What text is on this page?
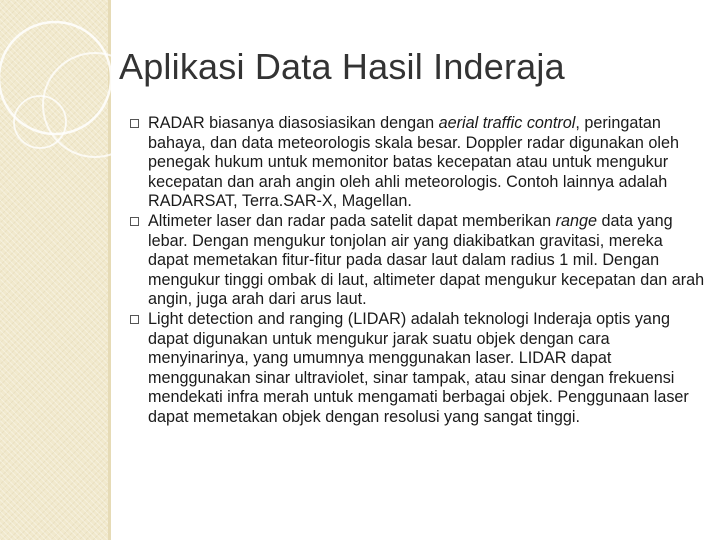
Aplikasi Data Hasil Inderaja
RADAR biasanya diasosiasikan dengan aerial traffic control, peringatan bahaya, dan data meteorologis skala besar. Doppler radar digunakan oleh penegak hukum untuk memonitor batas kecepatan atau untuk mengukur kecepatan dan arah angin oleh ahli meteorologis. Contoh lainnya adalah RADARSAT, Terra.SAR-X, Magellan.
Altimeter laser dan radar pada satelit dapat memberikan range data yang lebar. Dengan mengukur tonjolan air yang diakibatkan gravitasi, mereka dapat memetakan fitur-fitur pada dasar laut dalam radius 1 mil. Dengan mengukur tinggi ombak di laut, altimeter dapat mengukur kecepatan dan arah angin, juga arah dari arus laut.
Light detection and ranging (LIDAR) adalah teknologi Inderaja optis yang dapat digunakan untuk mengukur jarak suatu objek dengan cara menyinarinya, yang umumnya menggunakan laser. LIDAR dapat menggunakan sinar ultraviolet, sinar tampak, atau sinar dengan frekuensi mendekati infra merah untuk mengamati berbagai objek. Penggunaan laser dapat memetakan objek dengan resolusi yang sangat tinggi.
